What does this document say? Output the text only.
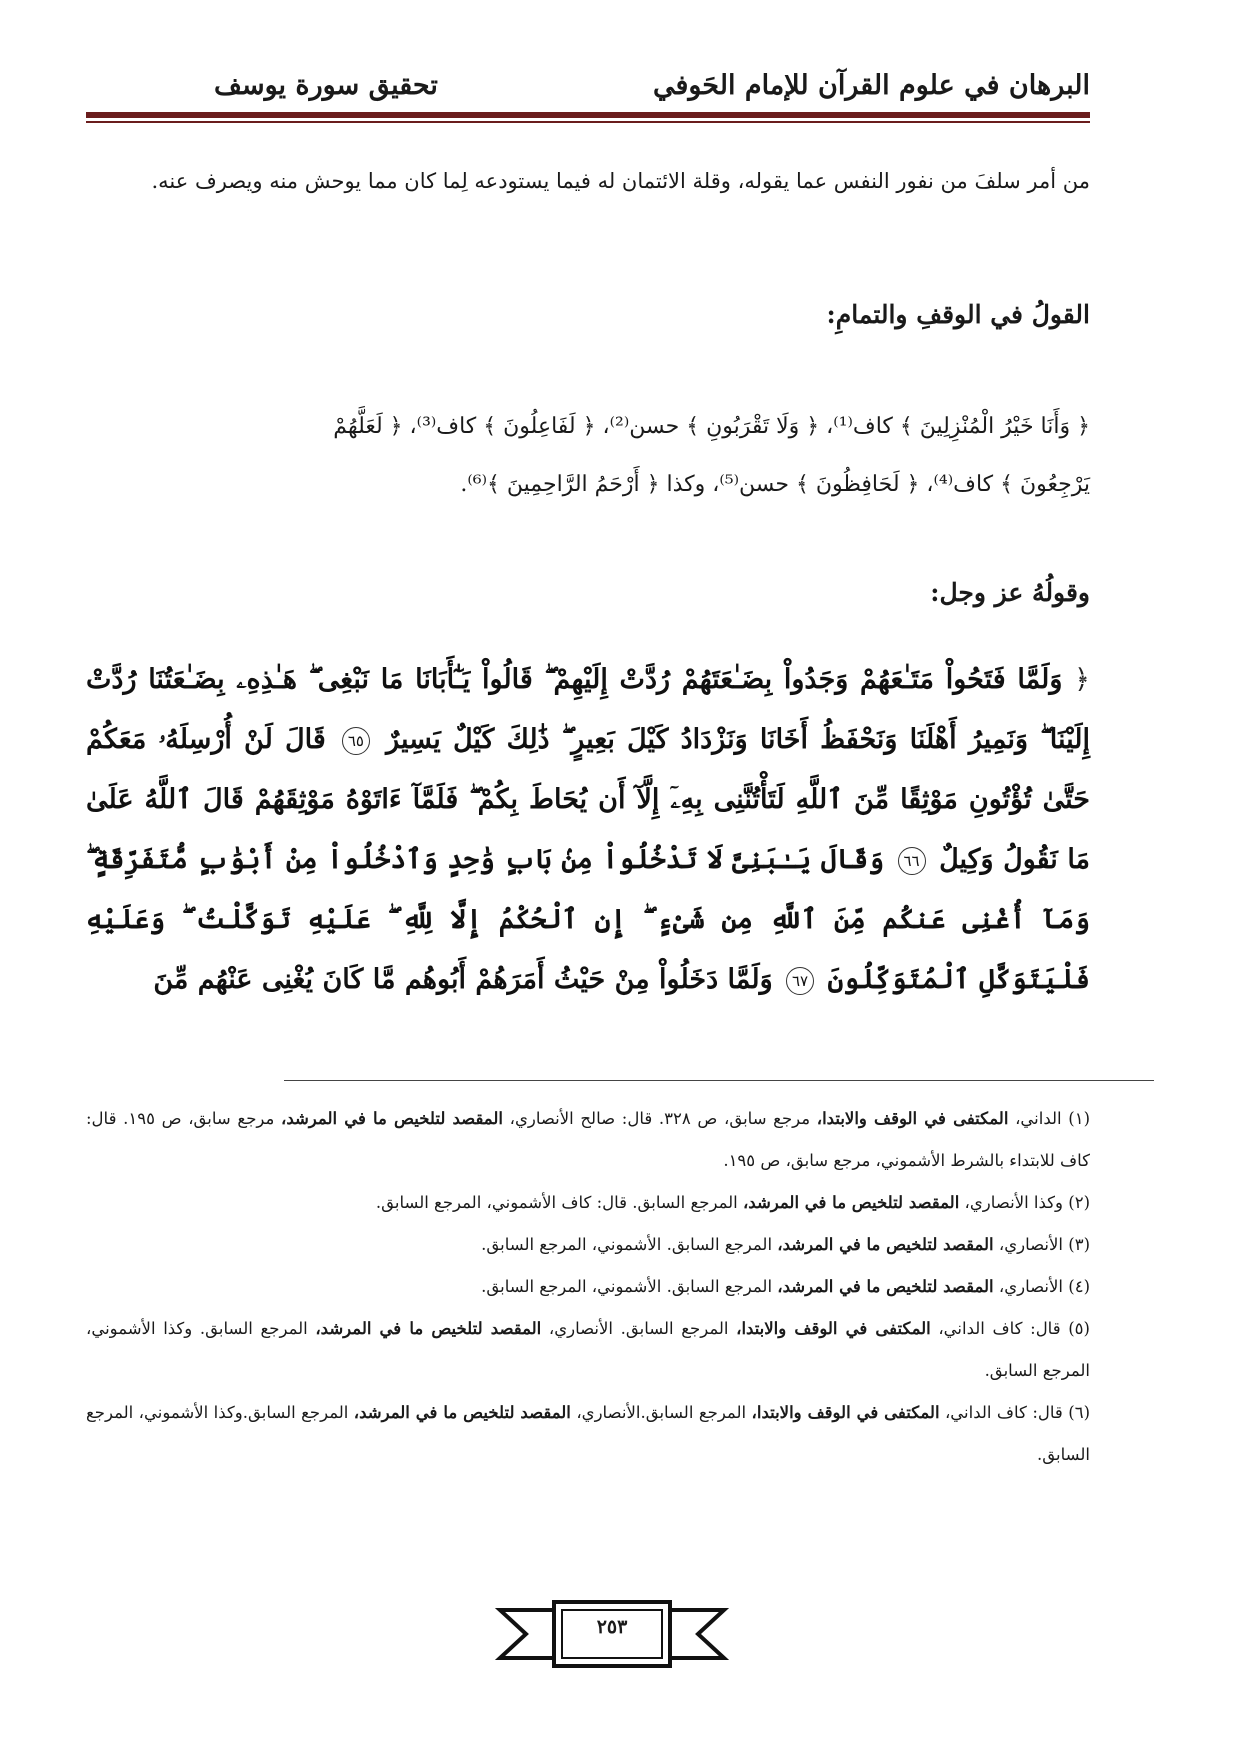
البرهان في علوم القرآن للإمام الحَوفي
تحقيق سورة يوسف
من أمر سلفَ من نفور النفس عما يقوله، وقلة الائتمان له فيما يستودعه لِما كان مما يوحش منه ويصرف عنه.
القولُ في الوقفِ والتمامِ:
﴿ وَأَنَا خَيْرُ الْمُنْزِلِينَ ﴾ كاف⁽¹⁾، ﴿ وَلَا تَقْرَبُونِ ﴾ حسن⁽²⁾، ﴿ لَفَاعِلُونَ ﴾ كاف⁽³⁾، ﴿ لَعَلَّهُمْ
يَرْجِعُونَ ﴾ كاف⁽⁴⁾، ﴿ لَحَافِظُونَ ﴾ حسن⁽⁵⁾، وكذا ﴿ أَرْحَمُ الرَّاحِمِينَ ﴾⁽⁶⁾.
وقولُهُ عز وجل:
﴿ وَلَمَّا فَتَحُواْ مَتَـٰعَهُمْ وَجَدُواْ بِضَـٰعَتَهُمْ رُدَّتْ إِلَيْهِمْ ۖ قَالُواْ يَـٰٓأَبَانَا مَا نَبْغِى ۖ هَـٰذِهِۦ بِضَـٰعَتُنَا رُدَّتْ إِلَيْنَا ۖ وَنَمِيرُ أَهْلَنَا وَنَحْفَظُ أَخَانَا وَنَزْدَادُ كَيْلَ بَعِيرٍ ۖ ذَٰلِكَ كَيْلٌ يَسِيرٌ ٦٥ قَالَ لَنْ أُرْسِلَهُۥ مَعَكُمْ حَتَّىٰ تُؤْتُونِ مَوْثِقًا مِّنَ ٱللَّهِ لَتَأْتُنَّنِى بِهِۦٓ إِلَّآ أَن يُحَاطَ بِكُمْ ۖ فَلَمَّآ ءَاتَوْهُ مَوْثِقَهُمْ قَالَ ٱللَّهُ عَلَىٰ مَا نَقُولُ وَكِيلٌ ٦٦ وَقَالَ يَـٰبَنِىَّ لَا تَدْخُلُواْ مِنۢ بَابٍ وَٰحِدٍ وَٱدْخُلُواْ مِنْ أَبْوَٰبٍ مُّتَفَرِّقَةٍ ۖ وَمَآ أُغْنِى عَنكُم مِّنَ ٱللَّهِ مِن شَىْءٍ ۖ إِنِ ٱلْحُكْمُ إِلَّا لِلَّهِ ۖ عَلَيْهِ تَوَكَّلْتُ ۖ وَعَلَيْهِ فَلْيَتَوَكَّلِ ٱلْمُتَوَكِّلُونَ ٦٧ وَلَمَّا دَخَلُواْ مِنْ حَيْثُ أَمَرَهُمْ أَبُوهُم مَّا كَانَ يُغْنِى عَنْهُم مِّنَ

(١) الداني، المكتفى في الوقف والابتدا، مرجع سابق، ص ٣٢٨. قال: صالح الأنصاري، المقصد لتلخيص ما في المرشد، مرجع سابق، ص ١٩٥. قال: كاف للابتداء بالشرط الأشموني، مرجع سابق، ص ١٩٥.

(٢) وكذا الأنصاري، المقصد لتلخيص ما في المرشد، المرجع السابق. قال: كاف الأشموني، المرجع السابق.

(٣) الأنصاري، المقصد لتلخيص ما في المرشد، المرجع السابق. الأشموني، المرجع السابق.

(٤) الأنصاري، المقصد لتلخيص ما في المرشد، المرجع السابق. الأشموني، المرجع السابق.

(٥) قال: كاف الداني، المكتفى في الوقف والابتدا، المرجع السابق. الأنصاري، المقصد لتلخيص ما في المرشد، المرجع السابق. وكذا الأشموني، المرجع السابق.

(٦) قال: كاف الداني، المكتفى في الوقف والابتدا، المرجع السابق.الأنصاري، المقصد لتلخيص ما في المرشد، المرجع السابق.وكذا الأشموني، المرجع السابق.

٢٥٣
